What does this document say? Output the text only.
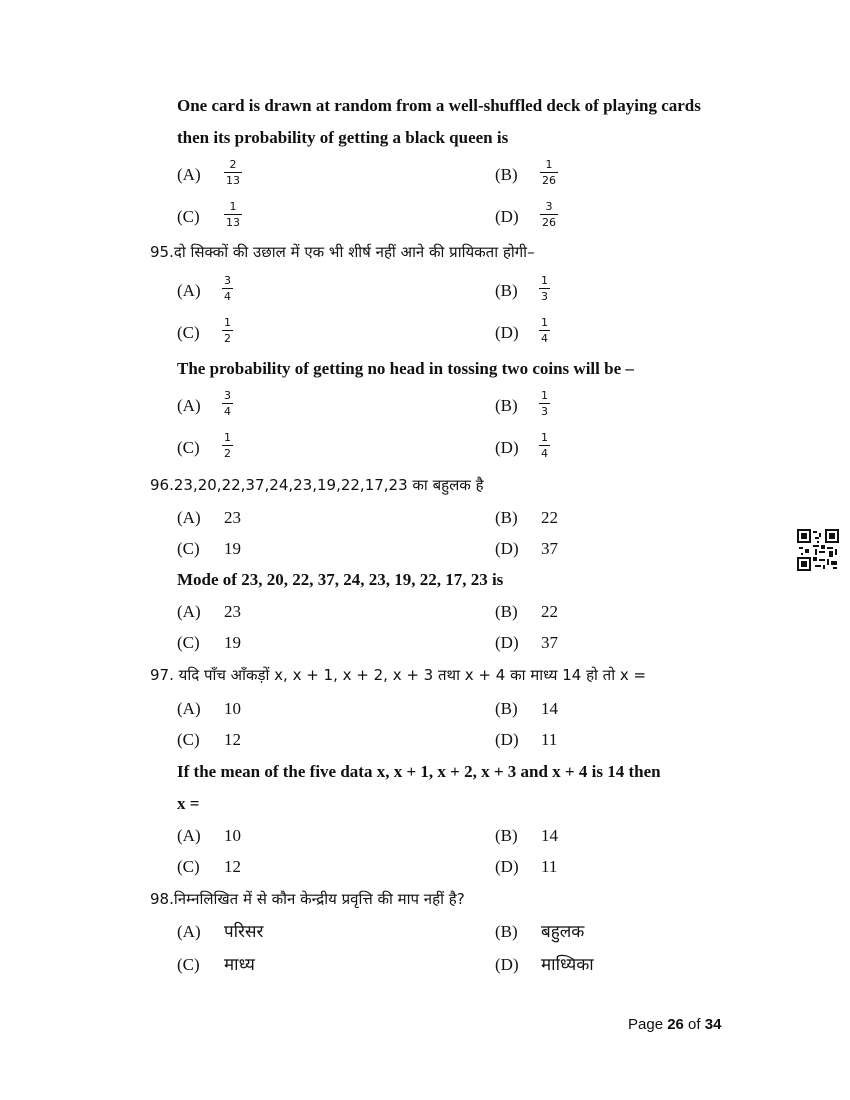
One card is drawn at random from a well-shuffled deck of playing cards
then its probability of getting a black queen is
(A)
2
13	(B)
1
26
(C)
1
13	(D)
3
26
95.दो सिक्कों की उछाल में एक भी शीर्ष नहीं आने की प्रायिकता होगी–
(A)
3
4	(B)
1
3
(C)
1
2	(D)
1
4
The probability of getting no head in tossing two coins will be –
(A)
3
4	(B)
1
3
(C)
1
2	(D)
1
4
96.23,20,22,37,24,23,19,22,17,23 का बहुलक है
(A) 23	(B) 22
(C) 19	(D) 37
Mode of 23, 20, 22, 37, 24, 23, 19, 22, 17, 23 is
(A) 23	(B) 22
(C) 19	(D) 37
97. यदि पाँच आँकड़ों x, x + 1, x + 2, x + 3 तथा x + 4 का माध्य 14 हो तो x =
(A) 10	(B) 14
(C) 12	(D) 11
If the mean of the five data x, x + 1, x + 2, x + 3 and x + 4 is 14 then
x =
(A) 10	(B) 14
(C) 12	(D) 11
98.निम्नलिखित में से कौन केन्द्रीय प्रवृत्ति की माप नहीं है?
(A) परिसर	(B) बहुलक
(C) माध्य	(D) माध्यिका
Page 26 of 34
